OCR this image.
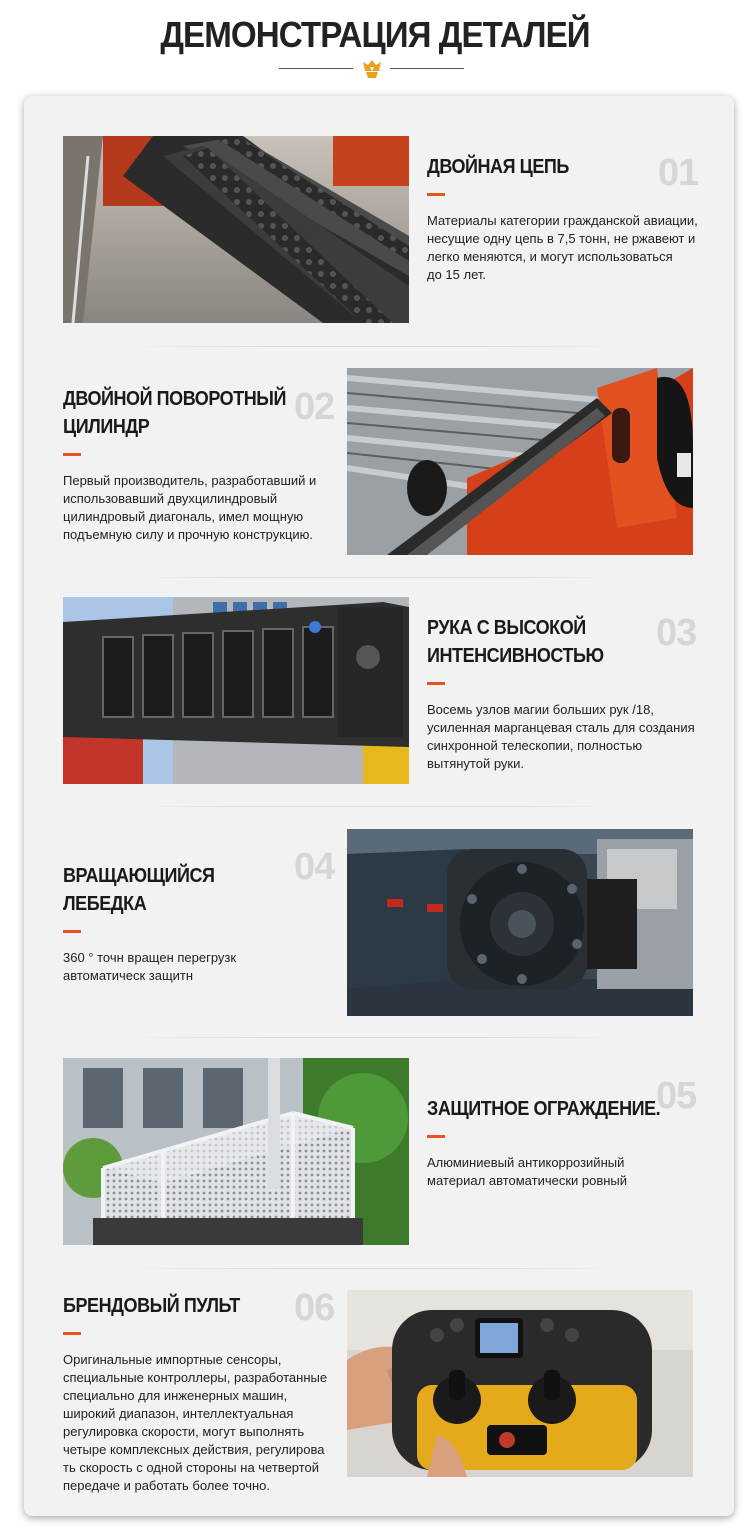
ДЕМОНСТРАЦИЯ ДЕТАЛЕЙ

ДВОЙНАЯ ЦЕПЬ

Материалы категории гражданской авиации,
несущие одну цепь в 7,5 тонн, не ржавеют и
легко меняются, и могут использоваться
до 15 лет.

01

ДВОЙНОЙ ПОВОРОТНЫЙ
ЦИЛИНДР

Первый производитель, разработавший и
использовавший двухцилиндровый
цилиндровый диагональ, имел мощную
подъемную силу и прочную конструкцию.

02

РУКА С ВЫСОКОЙ
ИНТЕНСИВНОСТЬЮ

Восемь узлов магии больших рук /18,
усиленная марганцевая сталь для создания
синхронной телескопии, полностью
вытянутой руки.

03

ВРАЩАЮЩИЙСЯ
ЛЕБЕДКА

360 ° точн вращен перегрузк
автоматическ защитн

04

ЗАЩИТНОЕ ОГРАЖДЕНИЕ.

Алюминиевый антикоррозийный
материал автоматически ровный

05

БРЕНДОВЫЙ ПУЛЬТ

Оригинальные импортные сенсоры,
специальные контроллеры, разработанные
специально для инженерных машин,
широкий диапазон, интеллектуальная
регулировка скорости, могут выполнять
четыре комплексных действия, регулирова
ть скорость с одной стороны на четвертой
передаче и работать более точно.

06
